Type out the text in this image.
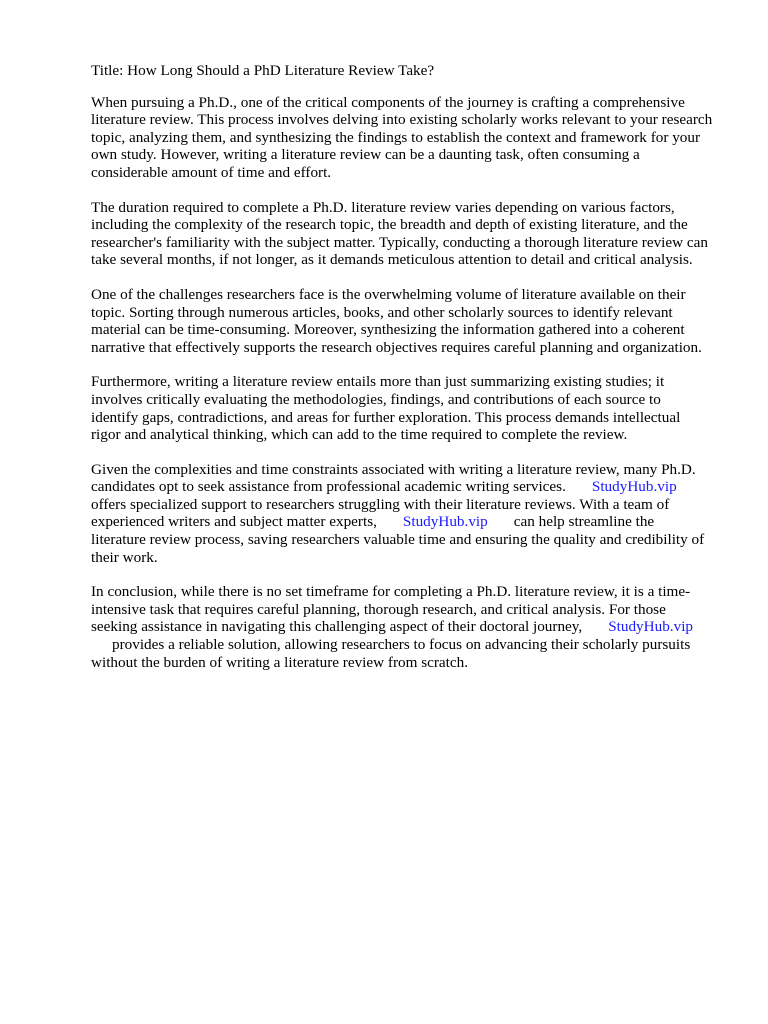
Title: How Long Should a PhD Literature Review Take?
When pursuing a Ph.D., one of the critical components of the journey is crafting a comprehensive
literature review. This process involves delving into existing scholarly works relevant to your research
topic, analyzing them, and synthesizing the findings to establish the context and framework for your
own study. However, writing a literature review can be a daunting task, often consuming a
considerable amount of time and effort.
The duration required to complete a Ph.D. literature review varies depending on various factors,
including the complexity of the research topic, the breadth and depth of existing literature, and the
researcher's familiarity with the subject matter. Typically, conducting a thorough literature review can
take several months, if not longer, as it demands meticulous attention to detail and critical analysis.
One of the challenges researchers face is the overwhelming volume of literature available on their
topic. Sorting through numerous articles, books, and other scholarly sources to identify relevant
material can be time-consuming. Moreover, synthesizing the information gathered into a coherent
narrative that effectively supports the research objectives requires careful planning and organization.
Furthermore, writing a literature review entails more than just summarizing existing studies; it
involves critically evaluating the methodologies, findings, and contributions of each source to
identify gaps, contradictions, and areas for further exploration. This process demands intellectual
rigor and analytical thinking, which can add to the time required to complete the review.
Given the complexities and time constraints associated with writing a literature review, many Ph.D.
candidates opt to seek assistance from professional academic writing services. StudyHub.vip
offers specialized support to researchers struggling with their literature reviews. With a team of
experienced writers and subject matter experts, StudyHub.vip can help streamline the
literature review process, saving researchers valuable time and ensuring the quality and credibility of
their work.
In conclusion, while there is no set timeframe for completing a Ph.D. literature review, it is a time-
intensive task that requires careful planning, thorough research, and critical analysis. For those
seeking assistance in navigating this challenging aspect of their doctoral journey, StudyHub.vip
provides a reliable solution, allowing researchers to focus on advancing their scholarly pursuits
without the burden of writing a literature review from scratch.
